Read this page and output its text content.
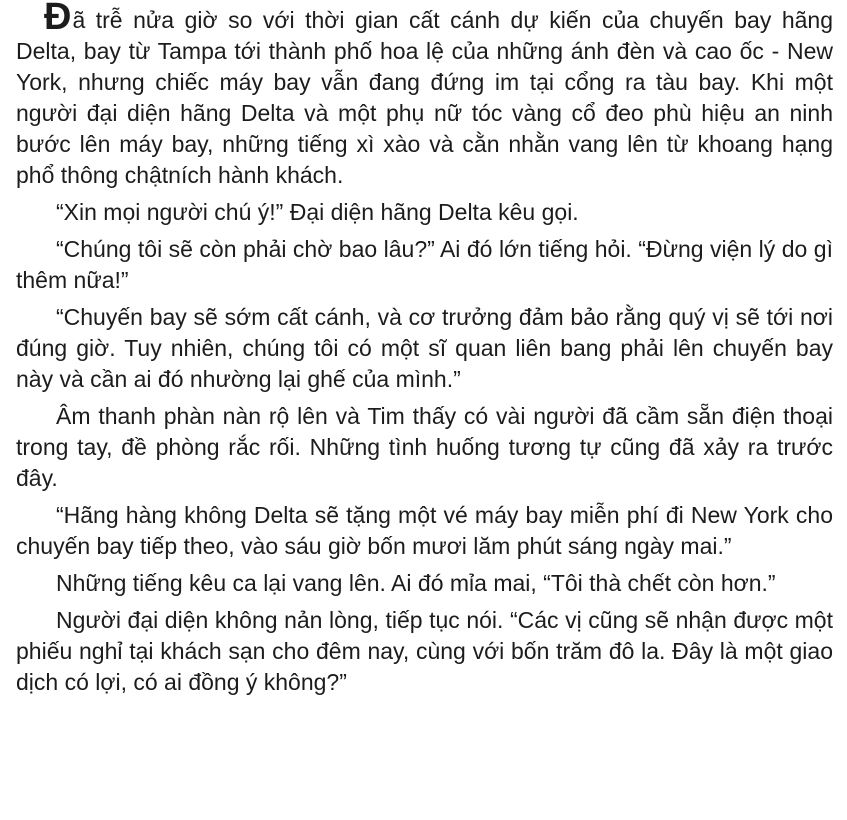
Đã trễ nửa giờ so với thời gian cất cánh dự kiến của chuyến bay hãng Delta, bay từ Tampa tới thành phố hoa lệ của những ánh đèn và cao ốc - New York, nhưng chiếc máy bay vẫn đang đứng im tại cổng ra tàu bay. Khi một người đại diện hãng Delta và một phụ nữ tóc vàng cổ đeo phù hiệu an ninh bước lên máy bay, những tiếng xì xào và cằn nhằn vang lên từ khoang hạng phổ thông chậtních hành khách.

“Xin mọi người chú ý!” Đại diện hãng Delta kêu gọi.

“Chúng tôi sẽ còn phải chờ bao lâu?” Ai đó lớn tiếng hỏi. “Đừng viện lý do gì thêm nữa!”

“Chuyến bay sẽ sớm cất cánh, và cơ trưởng đảm bảo rằng quý vị sẽ tới nơi đúng giờ. Tuy nhiên, chúng tôi có một sĩ quan liên bang phải lên chuyến bay này và cần ai đó nhường lại ghế của mình.”

Âm thanh phàn nàn rộ lên và Tim thấy có vài người đã cầm sẵn điện thoại trong tay, đề phòng rắc rối. Những tình huống tương tự cũng đã xảy ra trước đây.

“Hãng hàng không Delta sẽ tặng một vé máy bay miễn phí đi New York cho chuyến bay tiếp theo, vào sáu giờ bốn mươi lăm phút sáng ngày mai.”

Những tiếng kêu ca lại vang lên. Ai đó mỉa mai, “Tôi thà chết còn hơn.”

Người đại diện không nản lòng, tiếp tục nói. “Các vị cũng sẽ nhận được một phiếu nghỉ tại khách sạn cho đêm nay, cùng với bốn trăm đô la. Đây là một giao dịch có lợi, có ai đồng ý không?”
